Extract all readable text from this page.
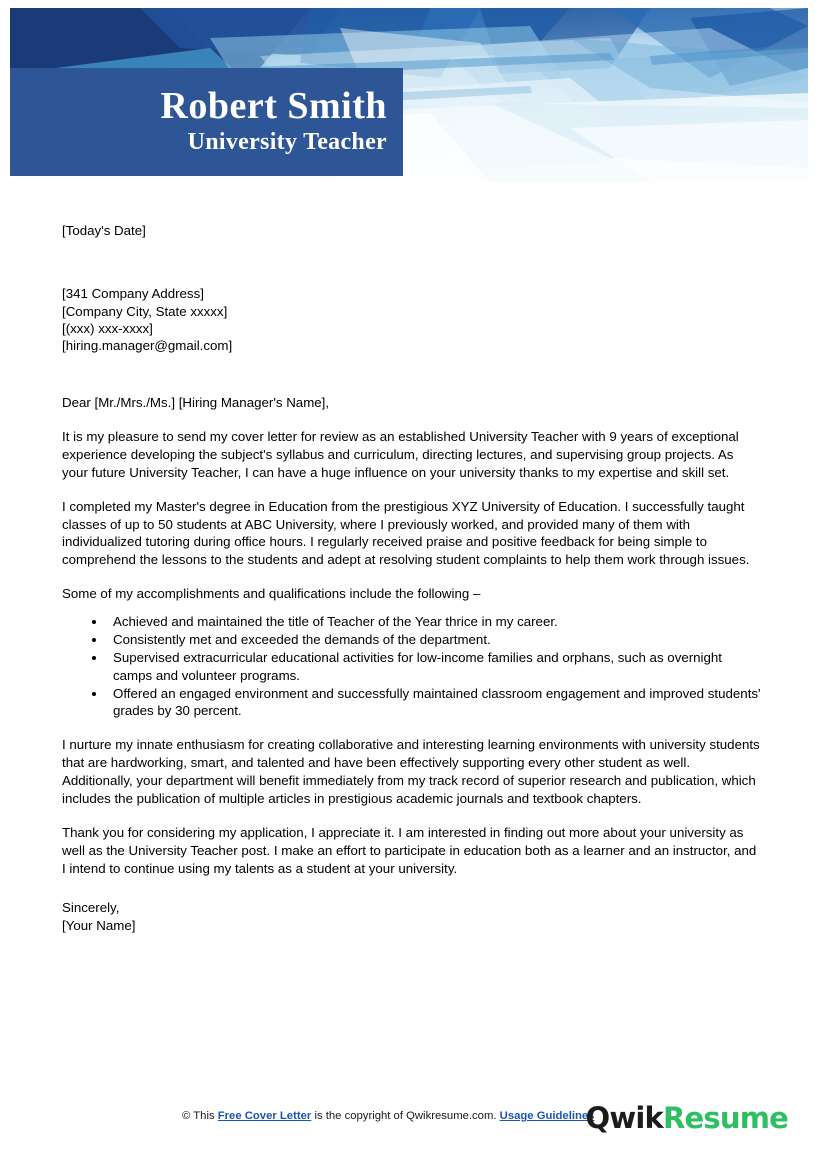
Robert Smith
University Teacher
[Today's Date]
[341 Company Address]
[Company City, State xxxxx]
[(xxx) xxx-xxxx]
[hiring.manager@gmail.com]

Dear [Mr./Mrs./Ms.] [Hiring Manager's Name],

It is my pleasure to send my cover letter for review as an established University Teacher with 9 years of exceptional experience developing the subject's syllabus and curriculum, directing lectures, and supervising group projects. As your future University Teacher, I can have a huge influence on your university thanks to my expertise and skill set.

I completed my Master's degree in Education from the prestigious XYZ University of Education. I successfully taught classes of up to 50 students at ABC University, where I previously worked, and provided many of them with individualized tutoring during office hours. I regularly received praise and positive feedback for being simple to comprehend the lessons to the students and adept at resolving student complaints to help them work through issues.

Some of my accomplishments and qualifications include the following –

Achieved and maintained the title of Teacher of the Year thrice in my career.
Consistently met and exceeded the demands of the department.
Supervised extracurricular educational activities for low-income families and orphans, such as overnight camps and volunteer programs.
Offered an engaged environment and successfully maintained classroom engagement and improved students' grades by 30 percent.

I nurture my innate enthusiasm for creating collaborative and interesting learning environments with university students that are hardworking, smart, and talented and have been effectively supporting every other student as well. Additionally, your department will benefit immediately from my track record of superior research and publication, which includes the publication of multiple articles in prestigious academic journals and textbook chapters.

Thank you for considering my application, I appreciate it. I am interested in finding out more about your university as well as the University Teacher post. I make an effort to participate in education both as a learner and an instructor, and I intend to continue using my talents as a student at your university.

Sincerely,
[Your Name]
© This Free Cover Letter is the copyright of Qwikresume.com. Usage Guidelines
QwikResume
